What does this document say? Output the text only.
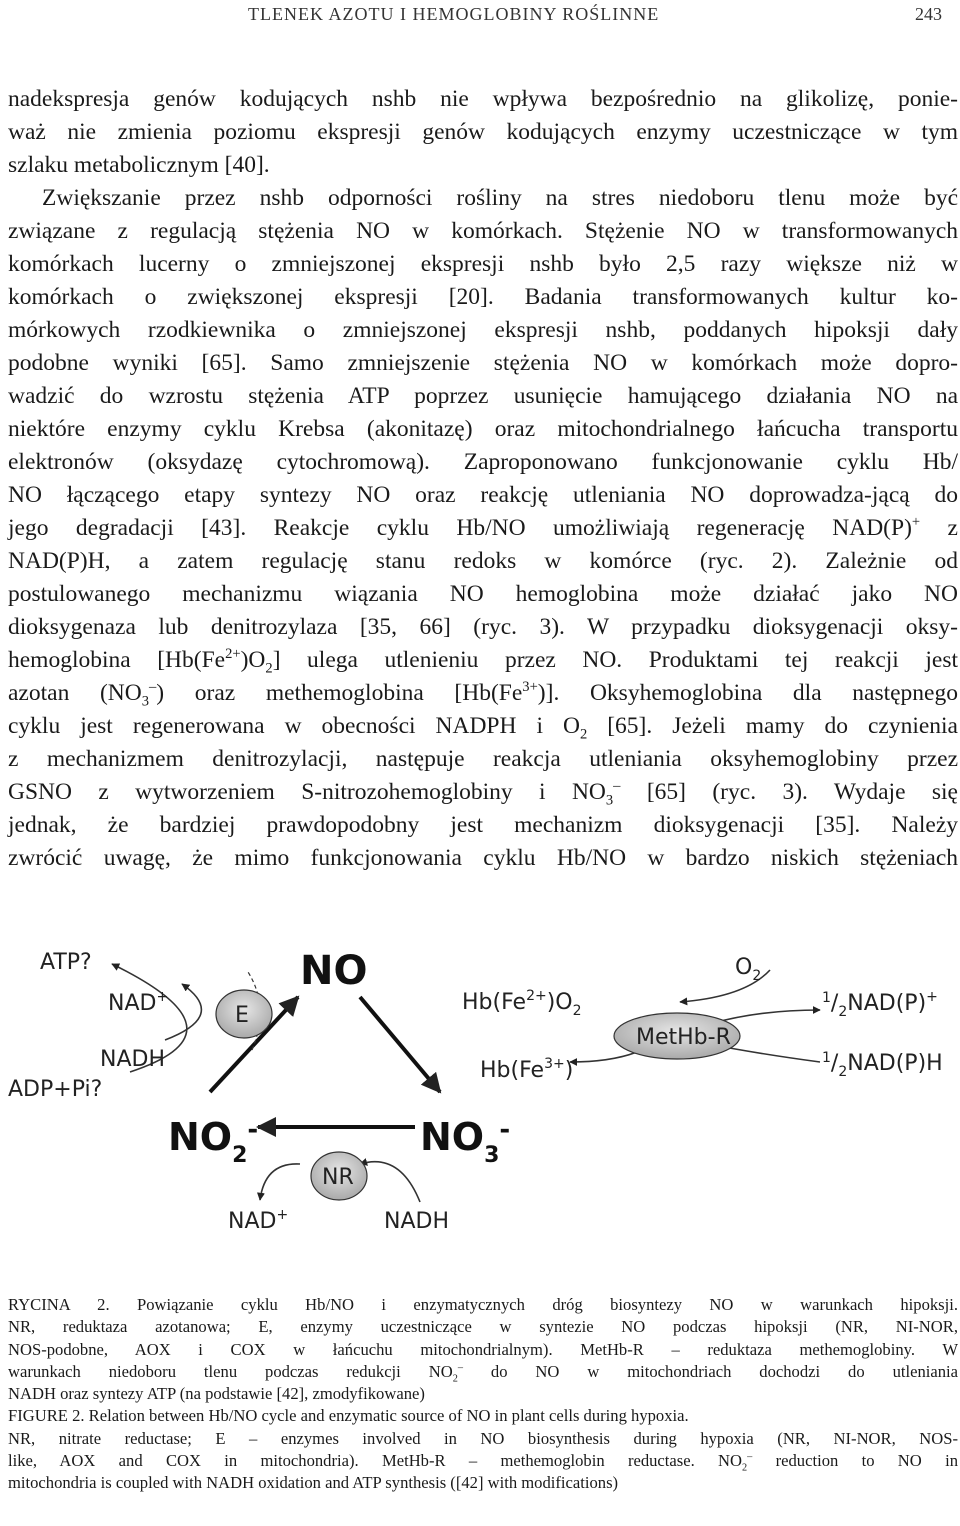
TLENEK AZOTU I HEMOGLOBINY ROŚLINNE	243
nadekspresja genów kodujących nshb nie wpływa bezpośrednio na glikolizę, ponie-
waż nie zmienia poziomu ekspresji genów kodujących enzymy uczestniczące w tym
szlaku metabolicznym [40].
Zwiększanie przez nshb odporności rośliny na stres niedoboru tlenu może być
związane z regulacją stężenia NO w komórkach. Stężenie NO w transformowanych
komórkach lucerny o zmniejszonej ekspresji nshb było 2,5 razy większe niż w
komórkach o zwiększonej ekspresji [20]. Badania transformowanych kultur ko-
mórkowych rzodkiewnika o zmniejszonej ekspresji nshb, poddanych hipoksji dały
podobne wyniki [65]. Samo zmniejszenie stężenia NO w komórkach może dopro-
wadzić do wzrostu stężenia ATP poprzez usunięcie hamującego działania NO na
niektóre enzymy cyklu Krebsa (akonitazę) oraz mitochondrialnego łańcucha transportu
elektronów (oksydazę cytochromową). Zaproponowano funkcjonowanie cyklu Hb/
NO łączącego etapy syntezy NO oraz reakcję utleniania NO doprowadza-jącą do
jego degradacji [43]. Reakcje cyklu Hb/NO umożliwiają regenerację NAD(P)+ z
NAD(P)H, a zatem regulację stanu redoks w komórce (ryc. 2). Zależnie od
postulowanego mechanizmu wiązania NO hemoglobina może działać jako NO
dioksygenaza lub denitrozylaza [35, 66] (ryc. 3). W przypadku dioksygenacji oksy-
hemoglobina $[Hb(Fe^{2+})O_2]$ ulega utlenieniu przez NO. Produktami tej reakcji jest
azotan $(NO_3^-)$ oraz methemoglobina $[Hb(Fe^{3+})]$. Oksyhemoglobina dla następnego
cyklu jest regenerowana w obecności NADPH i $O_2$ [65]. Jeżeli mamy do czynienia
z mechanizmem denitrozylacji, następuje reakcja utleniania oksyhemoglobiny przez
GSNO z wytworzeniem S-nitrozohemoglobiny i $NO_3^-$ [65] (ryc. 3). Wydaje się
jednak, że bardziej prawdopodobny jest mechanizm dioksygenacji [35]. Należy
zwrócić uwagę, że mimo funkcjonowania cyklu Hb/NO w bardzo niskich stężeniach
ATP?
NAD+
E
NADH
ADP+Pi?
NO	$O_2$
$Hb(Fe^{2+})O_2$
$Hb(Fe^{3+})$
MetHb-R
$^1/_2NAD(P)^+$
$^1/_2NAD(P)H$
$NO_2^-$	$NO_3^-$
NR
NAD+	NADH
RYCINA 2. Powiązanie cyklu Hb/NO i enzymatycznych dróg biosyntezy NO w warunkach hipoksji.
NR, reduktaza azotanowa; E, enzymy uczestniczące w syntezie NO podczas hipoksji (NR, NI-NOR,
NOS-podobne, AOX i COX w łańcuchu mitochondrialnym). MetHb-R – reduktaza methemoglobiny. W
warunkach niedoboru tlenu podczas redukcji $NO_2^-$ do NO w mitochondriach dochodzi do utleniania
NADH oraz syntezy ATP (na podstawie [42], zmodyfikowane)
FIGURE 2. Relation between Hb/NO cycle and enzymatic source of NO in plant cells during hypoxia.
NR, nitrate reductase; E – enzymes involved in NO biosynthesis during hypoxia (NR, NI-NOR, NOS-
like, AOX and COX in mitochondria). MetHb-R – methemoglobin reductase. $NO_2^-$ reduction to NO in
mitochondria is coupled with NADH oxidation and ATP synthesis ([42] with modifications)
